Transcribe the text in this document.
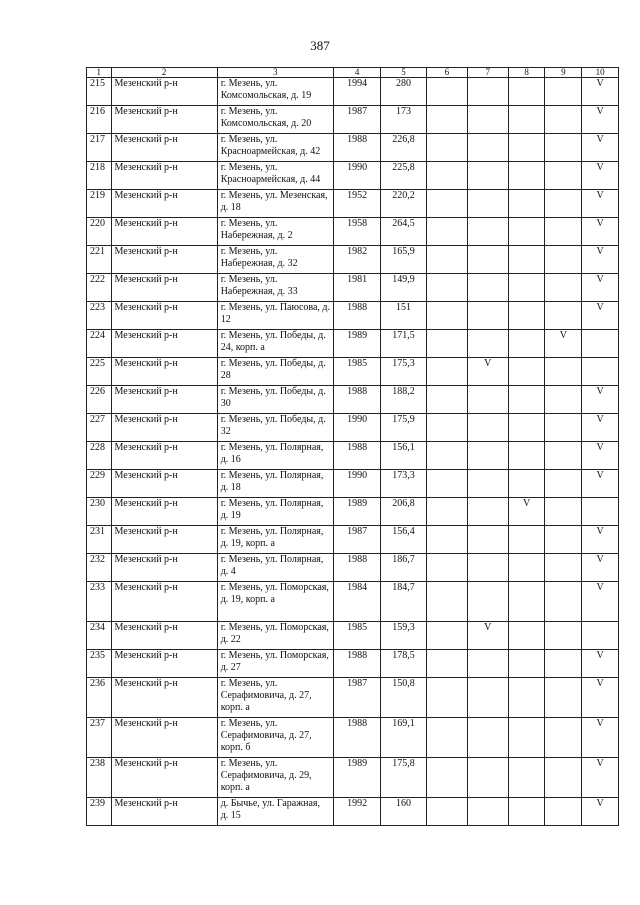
387
1	2	3	4	5	6	7	8	9	10
215	Мезенский р-н	г. Мезень, ул. Комсомольская, д. 19	1994	280					V
216	Мезенский р-н	г. Мезень, ул. Комсомольская, д. 20	1987	173					V
217	Мезенский р-н	г. Мезень, ул. Красноармейская, д. 42	1988	226,8					V
218	Мезенский р-н	г. Мезень, ул. Красноармейская, д. 44	1990	225,8					V
219	Мезенский р-н	г. Мезень, ул. Мезенская, д. 18	1952	220,2					V
220	Мезенский р-н	г. Мезень, ул. Набережная, д. 2	1958	264,5					V
221	Мезенский р-н	г. Мезень, ул. Набережная, д. 32	1982	165,9					V
222	Мезенский р-н	г. Мезень, ул. Набережная, д. 33	1981	149,9					V
223	Мезенский р-н	г. Мезень, ул. Паюсова, д. 12	1988	151					V
224	Мезенский р-н	г. Мезень, ул. Победы, д. 24, корп. а	1989	171,5				V	
225	Мезенский р-н	г. Мезень, ул. Победы, д. 28	1985	175,3		V			
226	Мезенский р-н	г. Мезень, ул. Победы, д. 30	1988	188,2					V
227	Мезенский р-н	г. Мезень, ул. Победы, д. 32	1990	175,9					V
228	Мезенский р-н	г. Мезень, ул. Полярная, д. 16	1988	156,1					V
229	Мезенский р-н	г. Мезень, ул. Полярная, д. 18	1990	173,3					V
230	Мезенский р-н	г. Мезень, ул. Полярная, д. 19	1989	206,8			V		
231	Мезенский р-н	г. Мезень, ул. Полярная, д. 19, корп. а	1987	156,4					V
232	Мезенский р-н	г. Мезень, ул. Полярная, д. 4	1988	186,7					V
233	Мезенский р-н	г. Мезень, ул. Поморская, д. 19, корп. а	1984	184,7					V
234	Мезенский р-н	г. Мезень, ул. Поморская, д. 22	1985	159,3		V			
235	Мезенский р-н	г. Мезень, ул. Поморская, д. 27	1988	178,5					V
236	Мезенский р-н	г. Мезень, ул. Серафимовича, д. 27, корп. а	1987	150,8					V
237	Мезенский р-н	г. Мезень, ул. Серафимовича, д. 27, корп. б	1988	169,1					V
238	Мезенский р-н	г. Мезень, ул. Серафимовича, д. 29, корп. а	1989	175,8					V
239	Мезенский р-н	д. Бычье, ул. Гаражная, д. 15	1992	160					V
